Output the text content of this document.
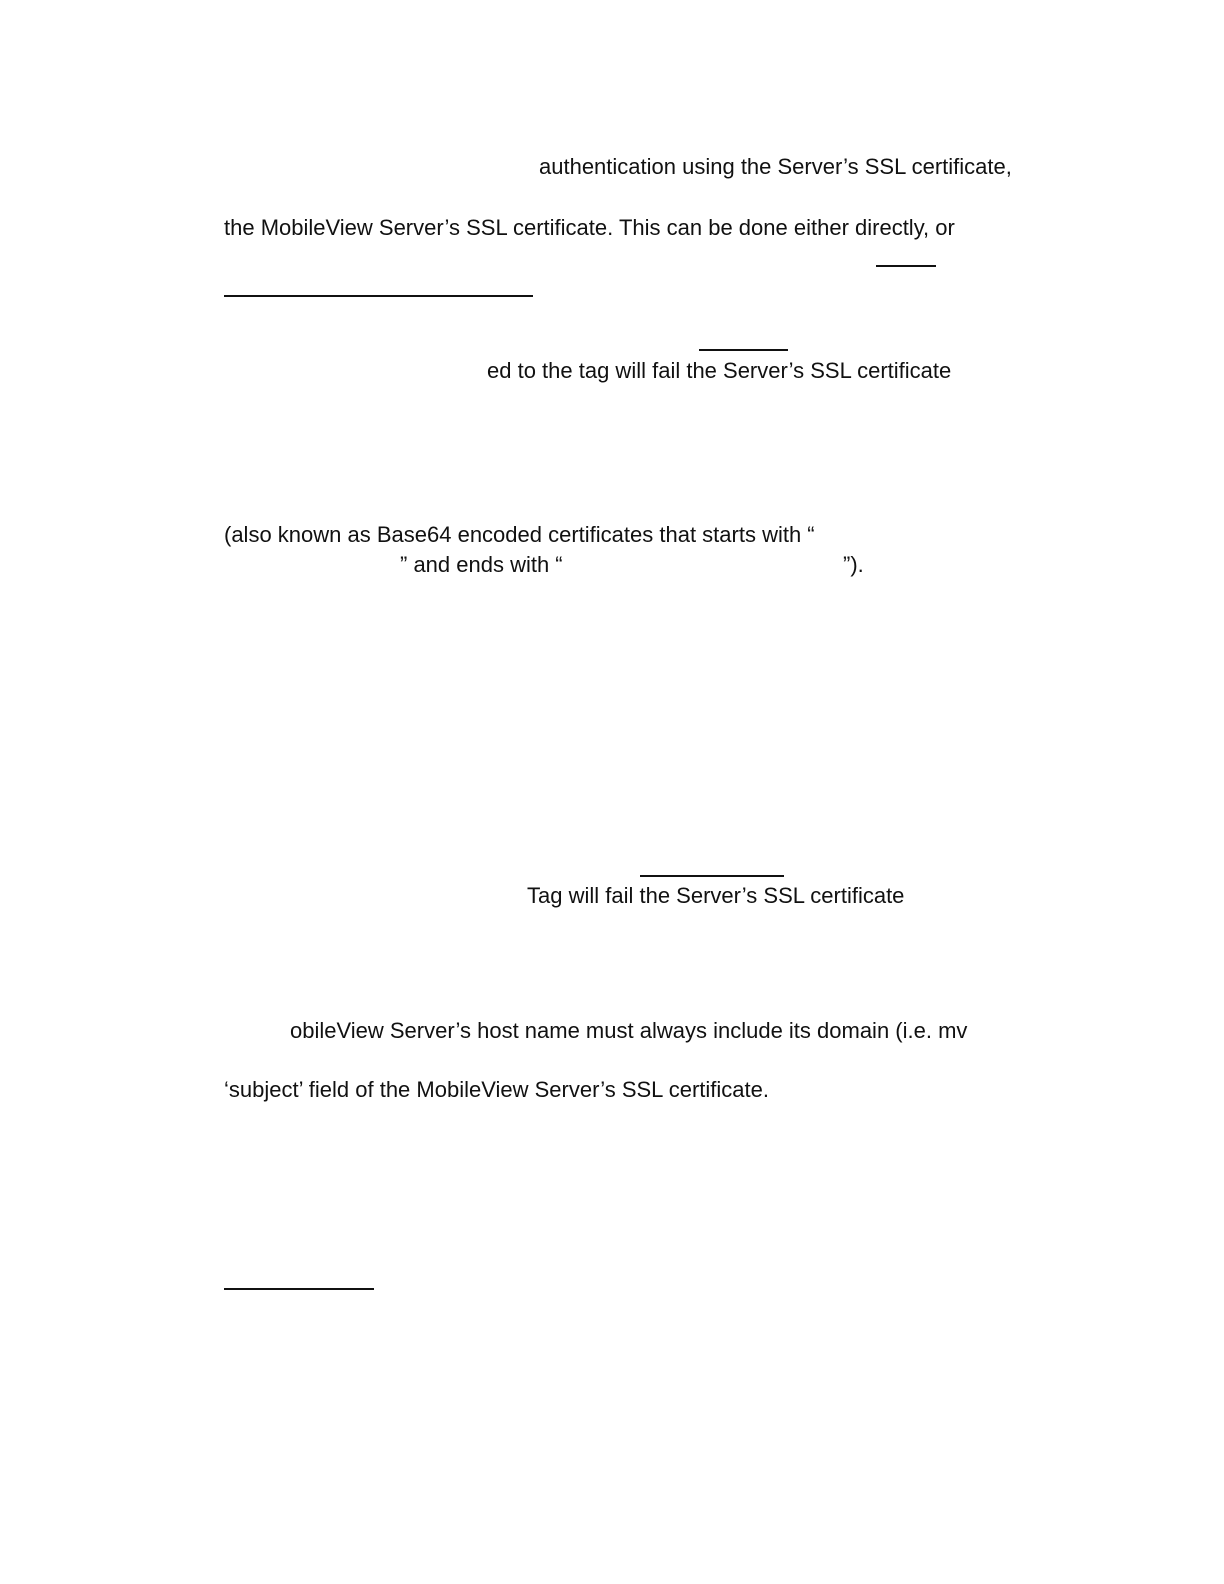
authentication using the Server’s SSL certificate,
the MobileView Server’s SSL certificate. This can be done either directly, or
ed to the tag will fail the Server’s SSL certificate
(also known as Base64 encoded certificates that starts with “
” and ends with “	”).
Tag will fail the Server’s SSL certificate
obileView Server’s host name must always include its domain (i.e. mv
‘subject’ field of the MobileView Server’s SSL certificate.
